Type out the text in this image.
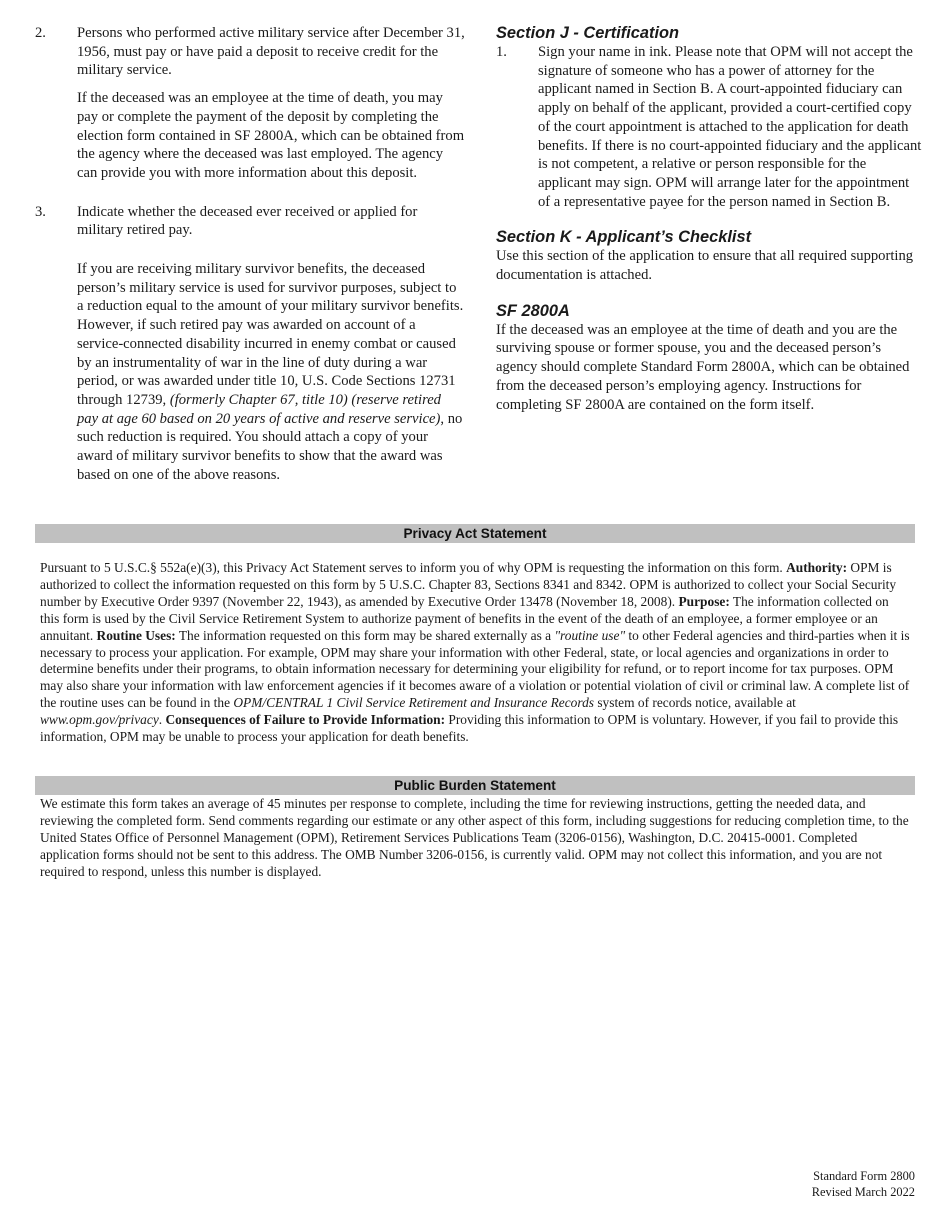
2.	Persons who performed active military service after December 31, 1956, must pay or have paid a deposit to receive credit for the military service.

If the deceased was an employee at the time of death, you may pay or complete the payment of the deposit by completing the election form contained in SF 2800A, which can be obtained from the agency where the deceased was last employed. The agency can provide you with more information about this deposit.

3.	Indicate whether the deceased ever received or applied for military retired pay.

If you are receiving military survivor benefits, the deceased person’s military service is used for survivor purposes, subject to a reduction equal to the amount of your military survivor benefits. However, if such retired pay was awarded on account of a service-connected disability incurred in enemy combat or caused by an instrumentality of war in the line of duty during a war period, or was awarded under title 10, U.S. Code Sections 12731 through 12739, (formerly Chapter 67, title 10) (reserve retired pay at age 60 based on 20 years of active and reserve service), no such reduction is required. You should attach a copy of your award of military survivor benefits to show that the award was based on one of the above reasons.

Section J - Certification
1.	Sign your name in ink. Please note that OPM will not accept the signature of someone who has a power of attorney for the applicant named in Section B. A court-appointed fiduciary can apply on behalf of the applicant, provided a court-certified copy of the court appointment is attached to the application for death benefits. If there is no court-appointed fiduciary and the applicant is not competent, a relative or person responsible for the applicant may sign. OPM will arrange later for the appointment of a representative payee for the person named in Section B.

Section K - Applicant’s Checklist

Use this section of the application to ensure that all required supporting documentation is attached.

SF 2800A

If the deceased was an employee at the time of death and you are the surviving spouse or former spouse, you and the deceased person’s agency should complete Standard Form 2800A, which can be obtained from the deceased person’s employing agency. Instructions for completing SF 2800A are contained on the form itself.

Privacy Act Statement

Pursuant to 5 U.S.C.§ 552a(e)(3), this Privacy Act Statement serves to inform you of why OPM is requesting the information on this form. Authority: OPM is authorized to collect the information requested on this form by 5 U.S.C. Chapter 83, Sections 8341 and 8342. OPM is authorized to collect your Social Security number by Executive Order 9397 (November 22, 1943), as amended by Executive Order 13478 (November 18, 2008). Purpose: The information collected on this form is used by the Civil Service Retirement System to authorize payment of benefits in the event of the death of an employee, a former employee or an annuitant. Routine Uses: The information requested on this form may be shared externally as a "routine use" to other Federal agencies and third-parties when it is necessary to process your application. For example, OPM may share your information with other Federal, state, or local agencies and organizations in order to determine benefits under their programs, to obtain information necessary for determining your eligibility for refund, or to report income for tax purposes. OPM may also share your information with law enforcement agencies if it becomes aware of a violation or potential violation of civil or criminal law. A complete list of the routine uses can be found in the OPM/CENTRAL 1 Civil Service Retirement and Insurance Records system of records notice, available at www.opm.gov/privacy. Consequences of Failure to Provide Information: Providing this information to OPM is voluntary. However, if you fail to provide this information, OPM may be unable to process your application for death benefits.

Public Burden Statement

We estimate this form takes an average of 45 minutes per response to complete, including the time for reviewing instructions, getting the needed data, and reviewing the completed form. Send comments regarding our estimate or any other aspect of this form, including suggestions for reducing completion time, to the United States Office of Personnel Management (OPM), Retirement Services Publications Team (3206-0156), Washington, D.C. 20415-0001. Completed application forms should not be sent to this address. The OMB Number 3206-0156, is currently valid. OPM may not collect this information, and you are not required to respond, unless this number is displayed.

Standard Form 2800
Revised March 2022
